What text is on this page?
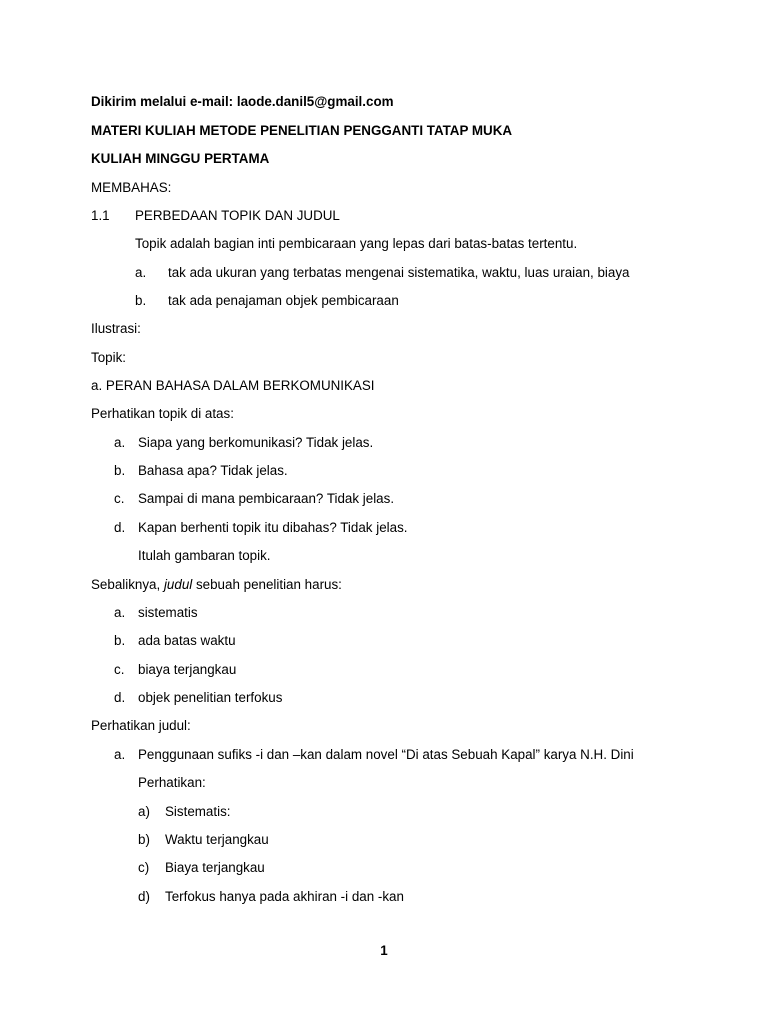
Dikirim melalui e-mail: laode.danil5@gmail.com
MATERI KULIAH METODE PENELITIAN PENGGANTI TATAP MUKA
KULIAH MINGGU PERTAMA
MEMBAHAS:
1.1 PERBEDAAN TOPIK DAN JUDUL
Topik adalah bagian inti pembicaraan yang lepas dari batas-batas tertentu.
a. tak ada ukuran yang terbatas mengenai sistematika, waktu, luas uraian, biaya
b. tak ada penajaman objek pembicaraan
Ilustrasi:
Topik:
a. PERAN BAHASA DALAM BERKOMUNIKASI
Perhatikan topik di atas:
a. Siapa yang berkomunikasi? Tidak jelas.
b. Bahasa apa? Tidak jelas.
c. Sampai di mana pembicaraan? Tidak jelas.
d. Kapan berhenti topik itu dibahas? Tidak jelas.
Itulah gambaran topik.
Sebaliknya, judul sebuah penelitian harus:
a. sistematis
b. ada batas waktu
c. biaya terjangkau
d. objek penelitian terfokus
Perhatikan judul:
a. Penggunaan sufiks -i dan –kan dalam novel “Di atas Sebuah Kapal” karya N.H. Dini
Perhatikan:
a) Sistematis:
b) Waktu terjangkau
c) Biaya terjangkau
d) Terfokus hanya pada akhiran -i dan -kan
1
